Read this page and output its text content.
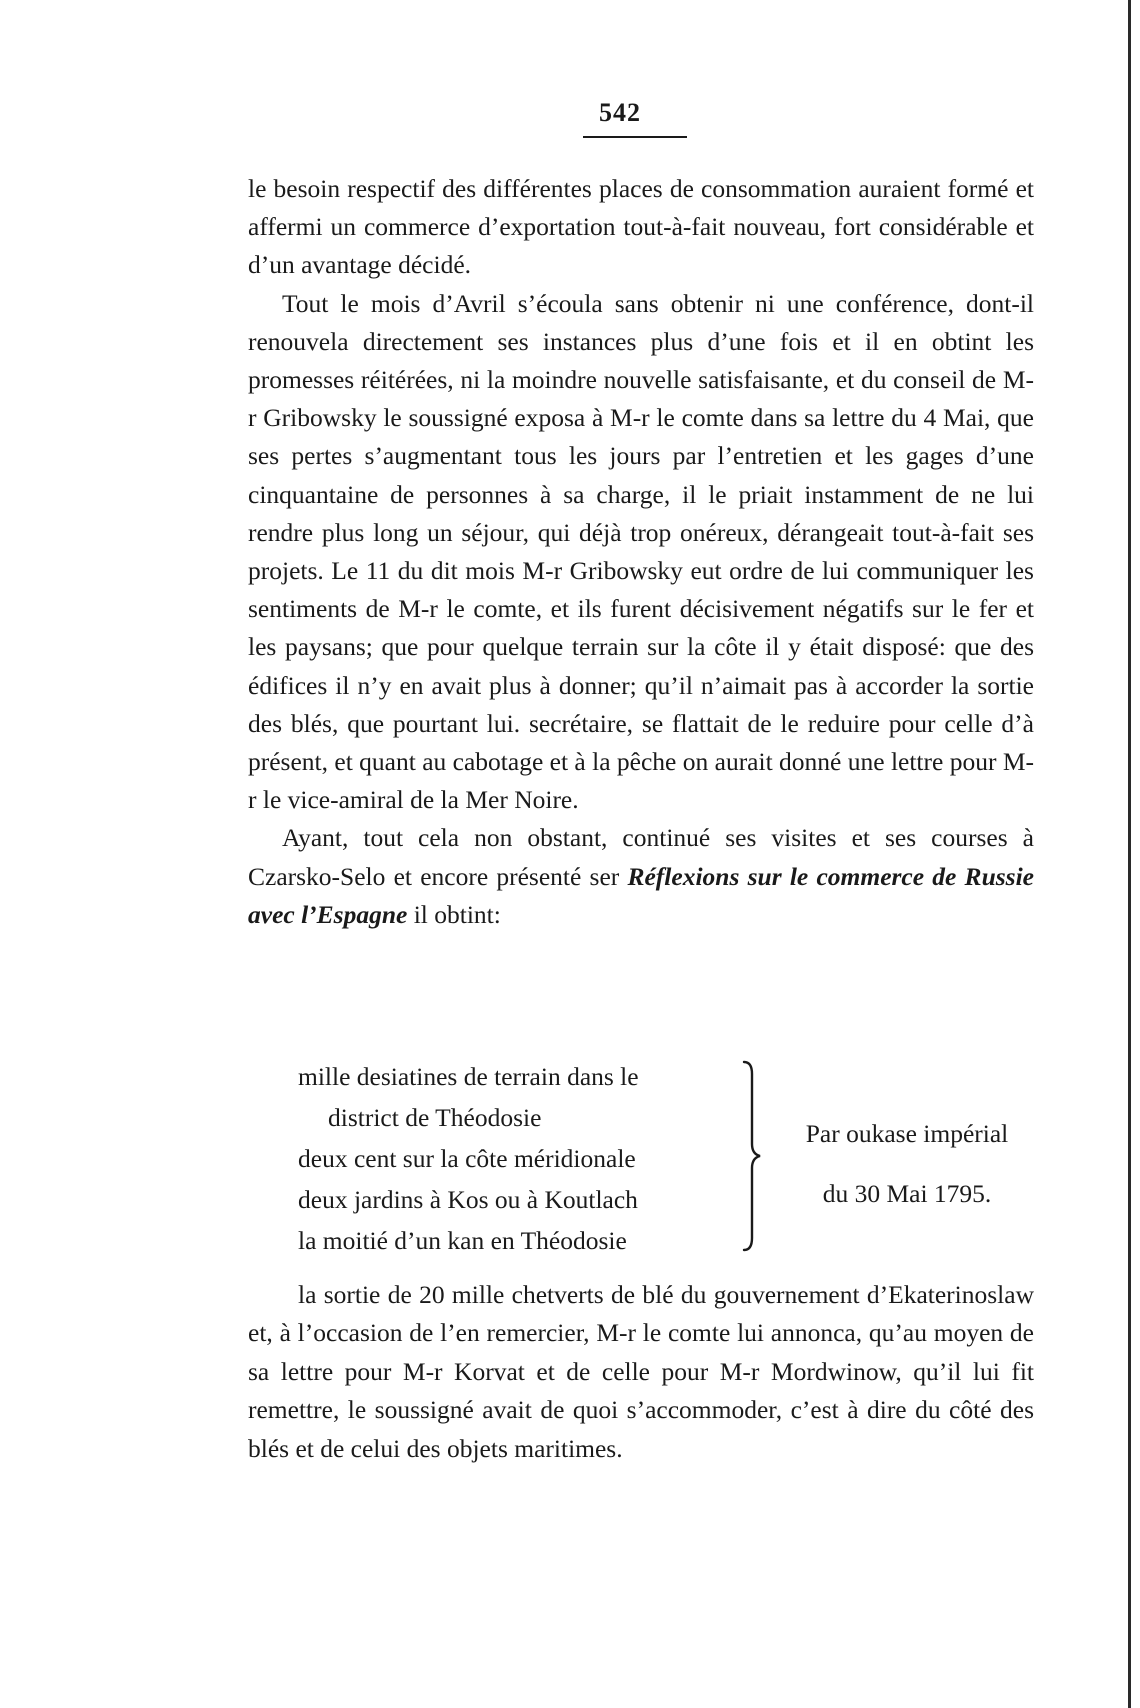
542

le besoin respectif des différentes places de consommation auraient formé et affermi un commerce d’exportation tout-à-fait nouveau, fort considérable et d’un avantage décidé.

Tout le mois d’Avril s’écoula sans obtenir ni une conférence, dont-il renouvela directement ses instances plus d’une fois et il en obtint les promesses réitérées, ni la moindre nouvelle satisfaisante, et du conseil de M-r Gribowsky le soussigné exposa à M-r le comte dans sa lettre du 4 Mai, que ses pertes s’augmentant tous les jours par l’entretien et les gages d’une cinquantaine de personnes à sa charge, il le priait instamment de ne lui rendre plus long un séjour, qui déjà trop onéreux, dérangeait tout-à-fait ses projets. Le 11 du dit mois M-r Gribowsky eut ordre de lui communiquer les sentiments de M-r le comte, et ils furent décisivement négatifs sur le fer et les paysans; que pour quelque terrain sur la côte il y était disposé: que des édifices il n’y en avait plus à donner; qu’il n’aimait pas à accorder la sortie des blés, que pourtant lui. secrétaire, se flattait de le reduire pour celle d’à présent, et quant au cabotage et à la pêche on aurait donné une lettre pour M-r le vice-amiral de la Mer Noire.

Ayant, tout cela non obstant, continué ses visites et ses courses à Czarsko-Selo et encore présenté ser Réflexions sur le commerce de Russie avec l’Espagne il obtint:

mille desiatines de terrain dans le
district de Théodosie
deux cent sur la côte méridionale
deux jardins à Kos ou à Koutlach
la moitié d’un kan en Théodosie
Par oukase impérial
du 30 Mai 1795.

la sortie de 20 mille chetverts de blé du gouvernement d’Ekaterinoslaw et, à l’occasion de l’en remercier, M-r le comte lui annonca, qu’au moyen de sa lettre pour M-r Korvat et de celle pour M-r Mordwinow, qu’il lui fit remettre, le soussigné avait de quoi s’accommoder, c’est à dire du côté des blés et de celui des objets maritimes.
